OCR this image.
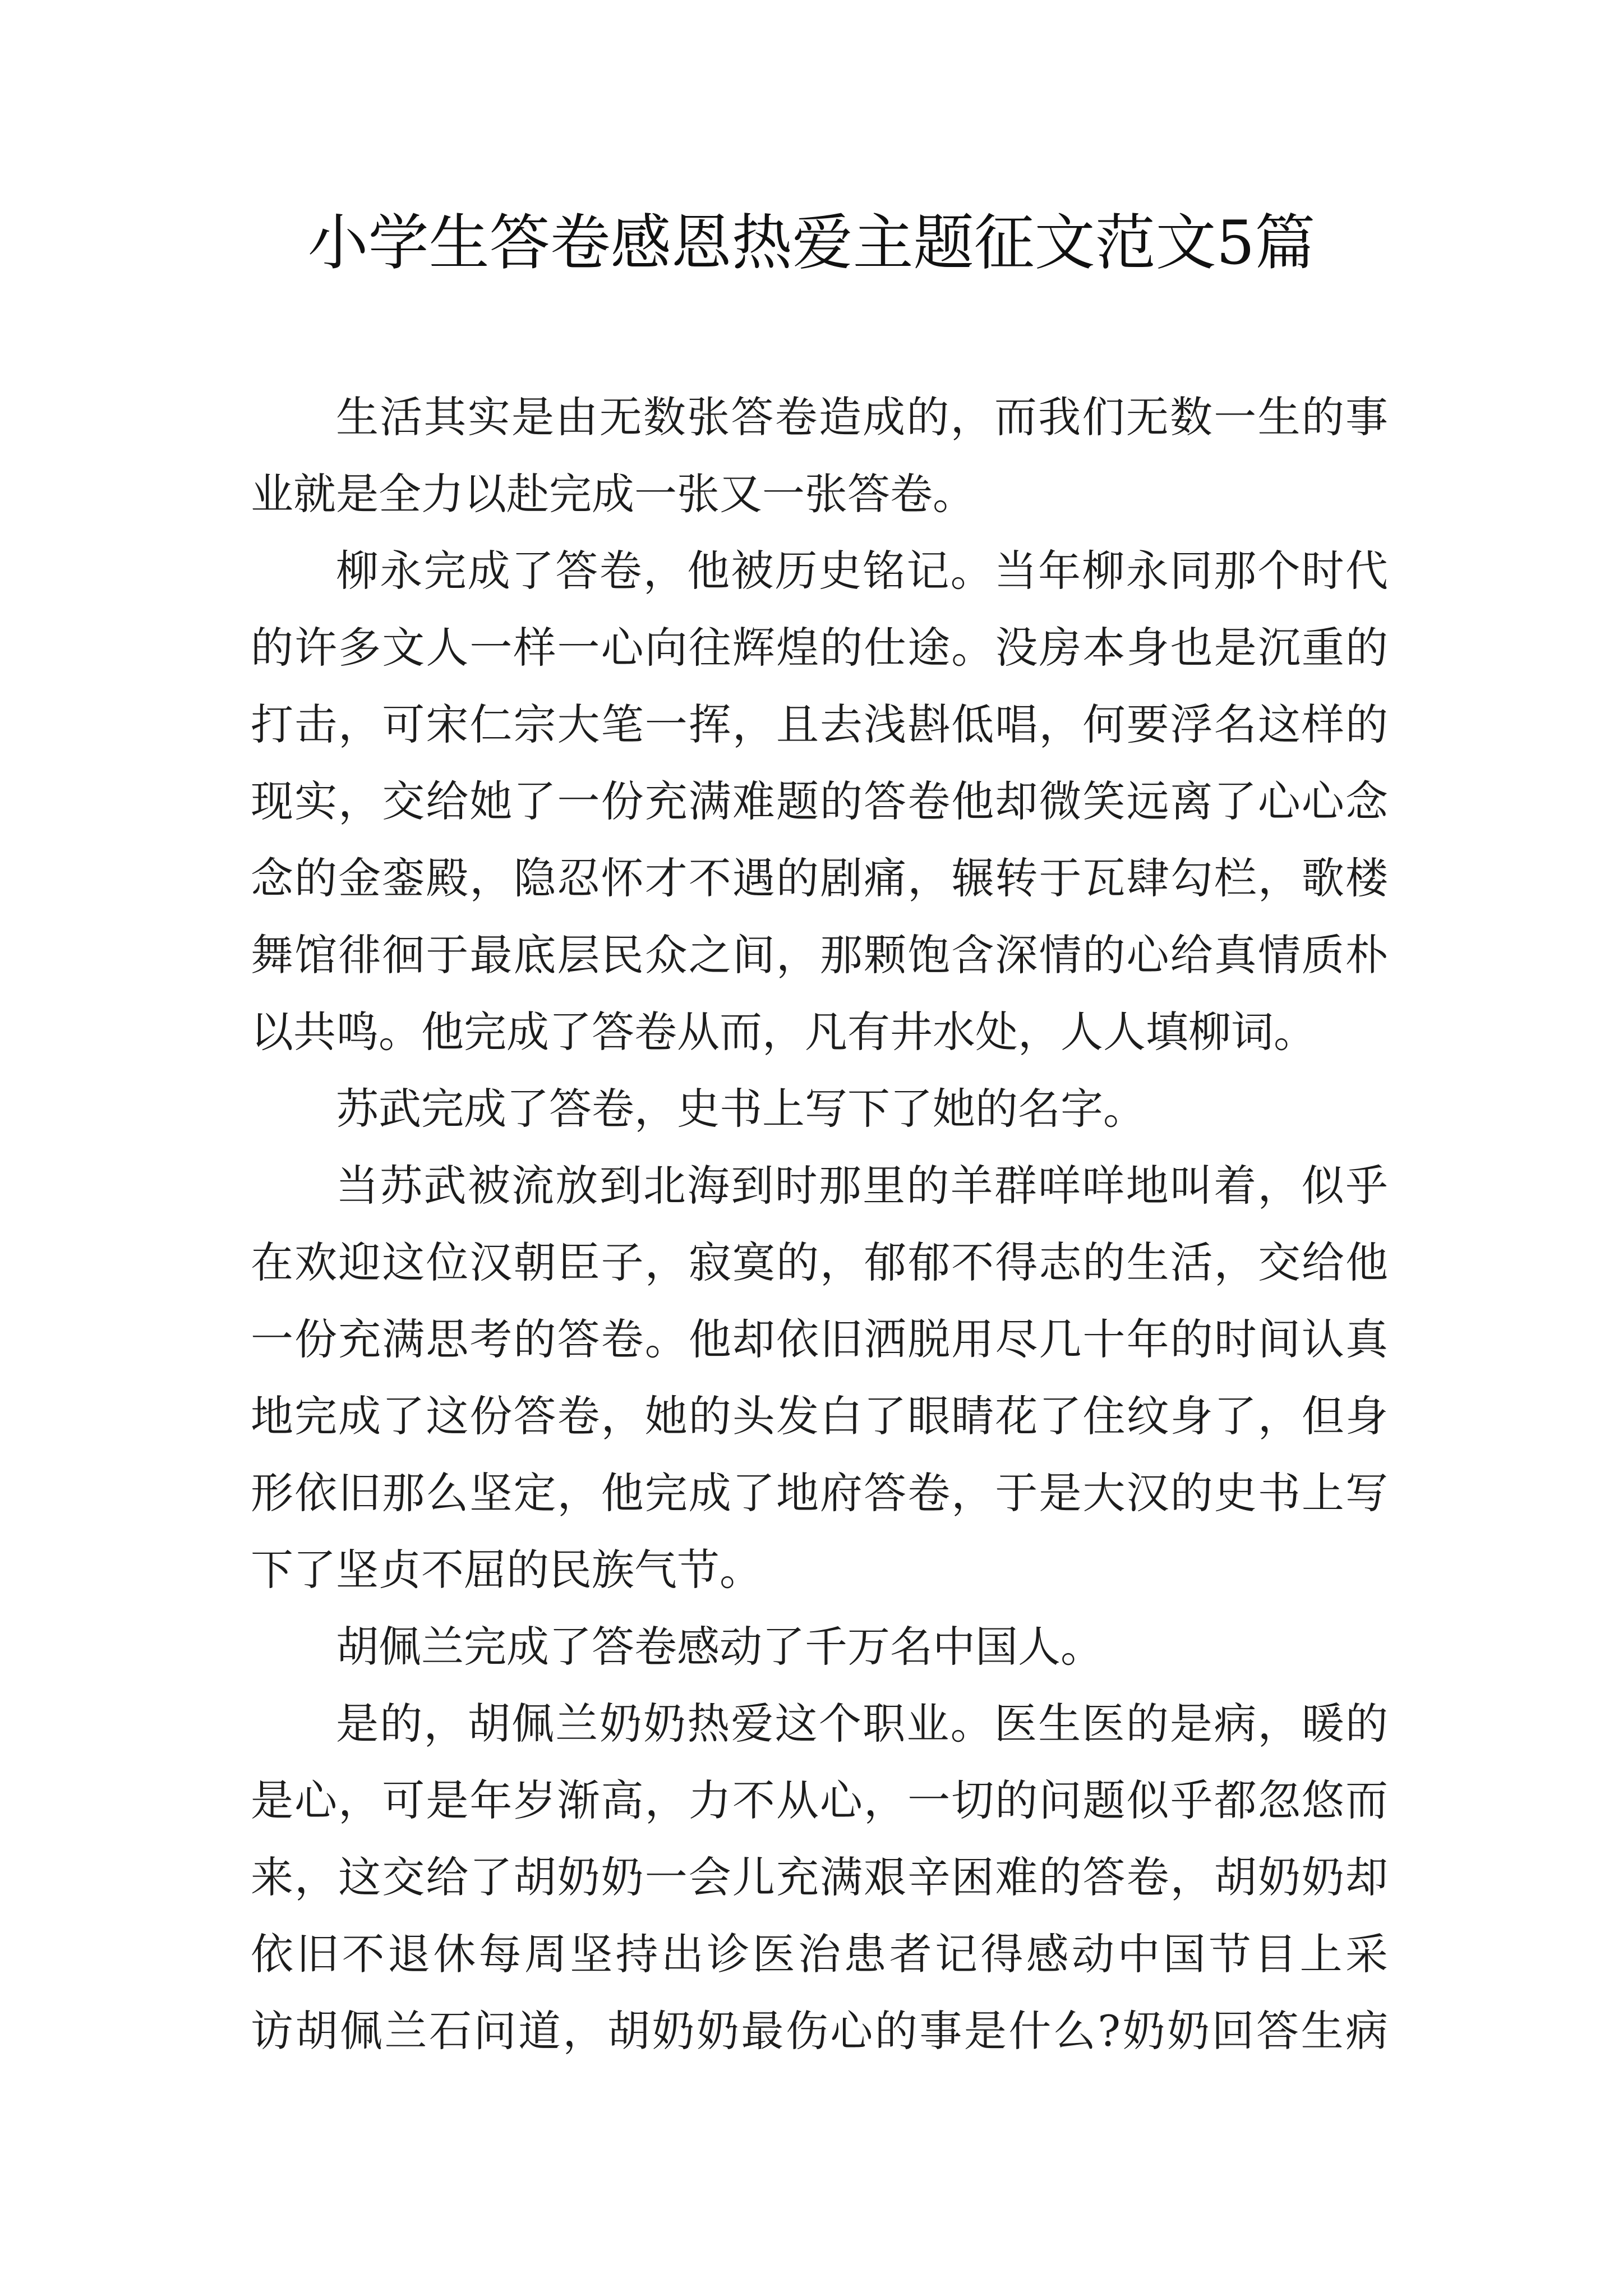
小学生答卷感恩热爱主题征文范文5篇
生活其实是由无数张答卷造成的，而我们无数一生的事
业就是全力以赴完成一张又一张答卷。
柳永完成了答卷，他被历史铭记。当年柳永同那个时代
的许多文人一样一心向往辉煌的仕途。没房本身也是沉重的
打击，可宋仁宗大笔一挥，且去浅斟低唱，何要浮名这样的
现实，交给她了一份充满难题的答卷他却微笑远离了心心念
念的金銮殿，隐忍怀才不遇的剧痛，辗转于瓦肆勾栏，歌楼
舞馆徘徊于最底层民众之间，那颗饱含深情的心给真情质朴
以共鸣。他完成了答卷从而，凡有井水处，人人填柳词。
苏武完成了答卷，史书上写下了她的名字。
当苏武被流放到北海到时那里的羊群咩咩地叫着，似乎
在欢迎这位汉朝臣子，寂寞的，郁郁不得志的生活，交给他
一份充满思考的答卷。他却依旧洒脱用尽几十年的时间认真
地完成了这份答卷，她的头发白了眼睛花了住纹身了，但身
形依旧那么坚定，他完成了地府答卷，于是大汉的史书上写
下了坚贞不屈的民族气节。
胡佩兰完成了答卷感动了千万名中国人。
是的，胡佩兰奶奶热爱这个职业。医生医的是病，暖的
是心，可是年岁渐高，力不从心，一切的问题似乎都忽悠而
来，这交给了胡奶奶一会儿充满艰辛困难的答卷，胡奶奶却
依旧不退休每周坚持出诊医治患者记得感动中国节目上采
访胡佩兰石问道，胡奶奶最伤心的事是什么?奶奶回答生病
